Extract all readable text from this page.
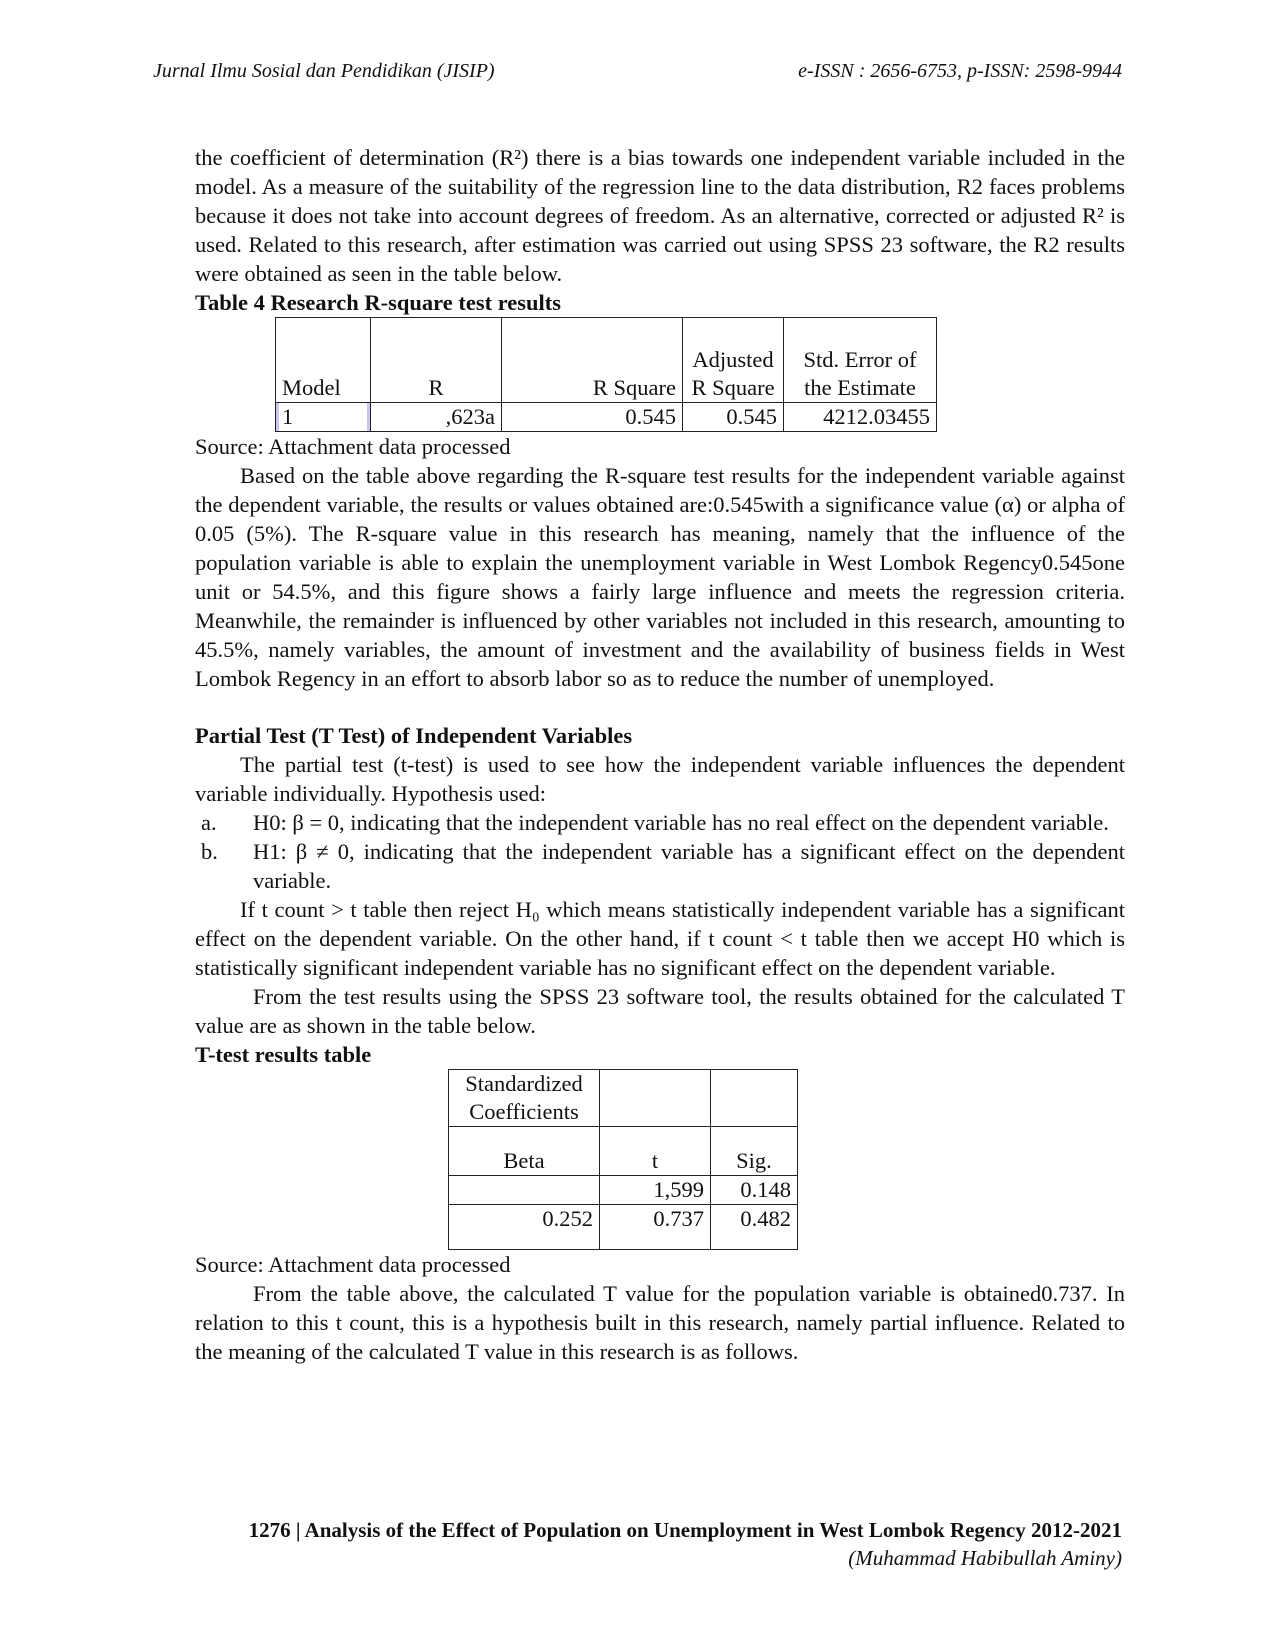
Jurnal Ilmu Sosial dan Pendidikan (JISIP)	e-ISSN : 2656-6753, p-ISSN: 2598-9944

the coefficient of determination (R²) there is a bias towards one independent variable included in the model. As a measure of the suitability of the regression line to the data distribution, R2 faces problems because it does not take into account degrees of freedom. As an alternative, corrected or adjusted R² is used. Related to this research, after estimation was carried out using SPSS 23 software, the R2 results were obtained as seen in the table below.

Table 4 Research R-square test results

Model	R	R Square	Adjusted R Square	Std. Error of the Estimate
1	,623a	0.545	0.545	4212.03455

Source: Attachment data processed

Based on the table above regarding the R-square test results for the independent variable against the dependent variable, the results or values obtained are:0.545with a significance value (α) or alpha of 0.05 (5%). The R-square value in this research has meaning, namely that the influence of the population variable is able to explain the unemployment variable in West Lombok Regency0.545one unit or 54.5%, and this figure shows a fairly large influence and meets the regression criteria. Meanwhile, the remainder is influenced by other variables not included in this research, amounting to 45.5%, namely variables, the amount of investment and the availability of business fields in West Lombok Regency in an effort to absorb labor so as to reduce the number of unemployed.

Partial Test (T Test) of Independent Variables

The partial test (t-test) is used to see how the independent variable influences the dependent variable individually. Hypothesis used:

a.	H0: β = 0, indicating that the independent variable has no real effect on the dependent variable.
b.	H1: β ≠ 0, indicating that the independent variable has a significant effect on the dependent variable.

If t count > t table then reject H₀ which means statistically independent variable has a significant effect on the dependent variable. On the other hand, if t count < t table then we accept H0 which is statistically significant independent variable has no significant effect on the dependent variable.

From the test results using the SPSS 23 software tool, the results obtained for the calculated T value are as shown in the table below.

T-test results table

Standardized Coefficients		
Beta	t	Sig.
	1,599	0.148
0.252	0.737	0.482

Source: Attachment data processed

From the table above, the calculated T value for the population variable is obtained0.737. In relation to this t count, this is a hypothesis built in this research, namely partial influence. Related to the meaning of the calculated T value in this research is as follows.

1276 | Analysis of the Effect of Population on Unemployment in West Lombok Regency 2012-2021
(Muhammad Habibullah Aminy)
